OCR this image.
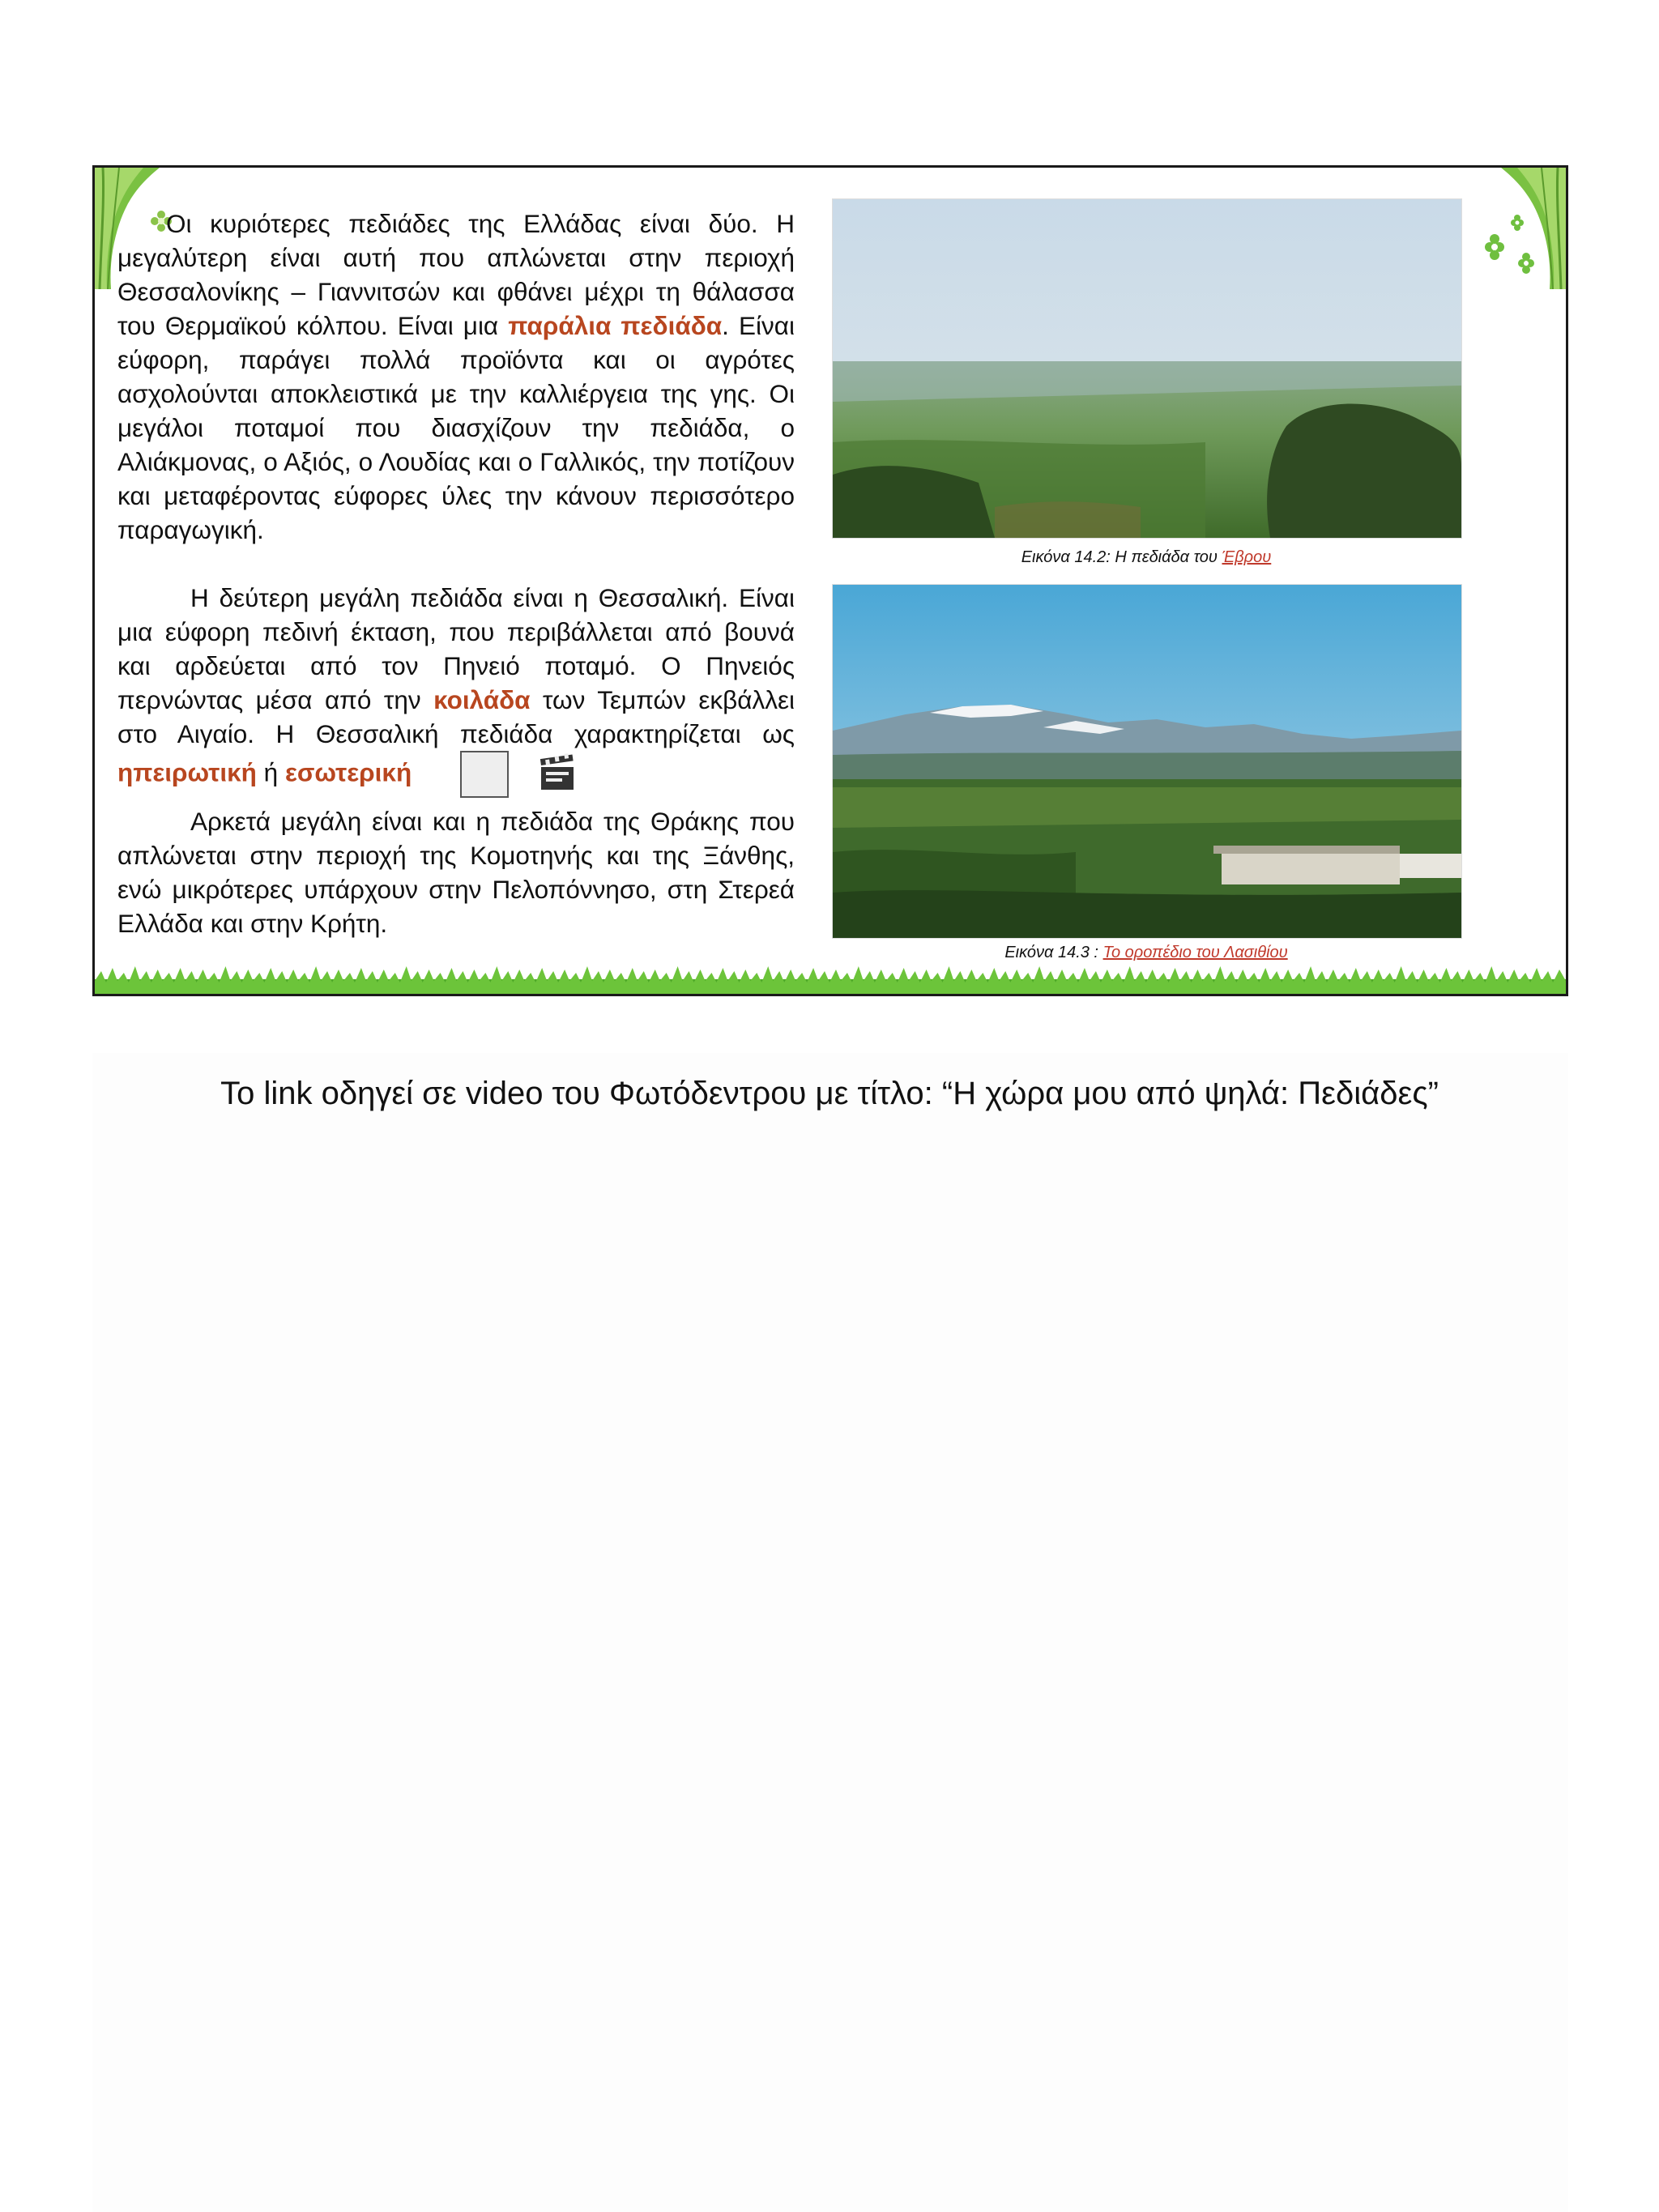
Οι κυριότερες πεδιάδες της Ελλάδας είναι δύο. Η μεγαλύτερη είναι αυτή που απλώνεται στην περιοχή Θεσσαλονίκης – Γιαννιτσών και φθάνει μέχρι τη θάλασσα του Θερμαϊκού κόλπου. Είναι μια παράλια πεδιάδα. Είναι εύφορη, παράγει πολλά προϊόντα και οι αγρότες ασχολούνται αποκλειστικά με την καλλιέργεια της γης. Οι μεγάλοι ποταμοί που διασχίζουν την πεδιάδα, ο Αλιάκμονας, ο Αξιός, ο Λουδίας και ο Γαλλικός, την ποτίζουν και μεταφέροντας εύφορες ύλες την κάνουν περισσότερο παραγωγική.

Η δεύτερη μεγάλη πεδιάδα είναι η Θεσσαλική. Είναι μια εύφορη πεδινή έκταση, που περιβάλλεται από βουνά και αρδεύεται από τον Πηνειό ποταμό. Ο Πηνειός περνώντας μέσα από την κοιλάδα των Τεμπών εκβάλλει στο Αιγαίο. Η Θεσσαλική πεδιάδα χαρακτηρίζεται ως ηπειρωτική ή εσωτερική

Αρκετά μεγάλη είναι και η πεδιάδα της Θράκης που απλώνεται στην περιοχή της Κομοτηνής και της Ξάνθης, ενώ μικρότερες υπάρχουν στην Πελοπόννησο, στη Στερεά Ελλάδα και στην Κρήτη.

Εικόνα 14.2: Η πεδιάδα του Έβρου
Εικόνα 14.3 : Το οροπέδιο του Λασιθίου
Το link οδηγεί σε video του Φωτόδεντρου με τίτλο: “Η χώρα μου από ψηλά: Πεδιάδες”
